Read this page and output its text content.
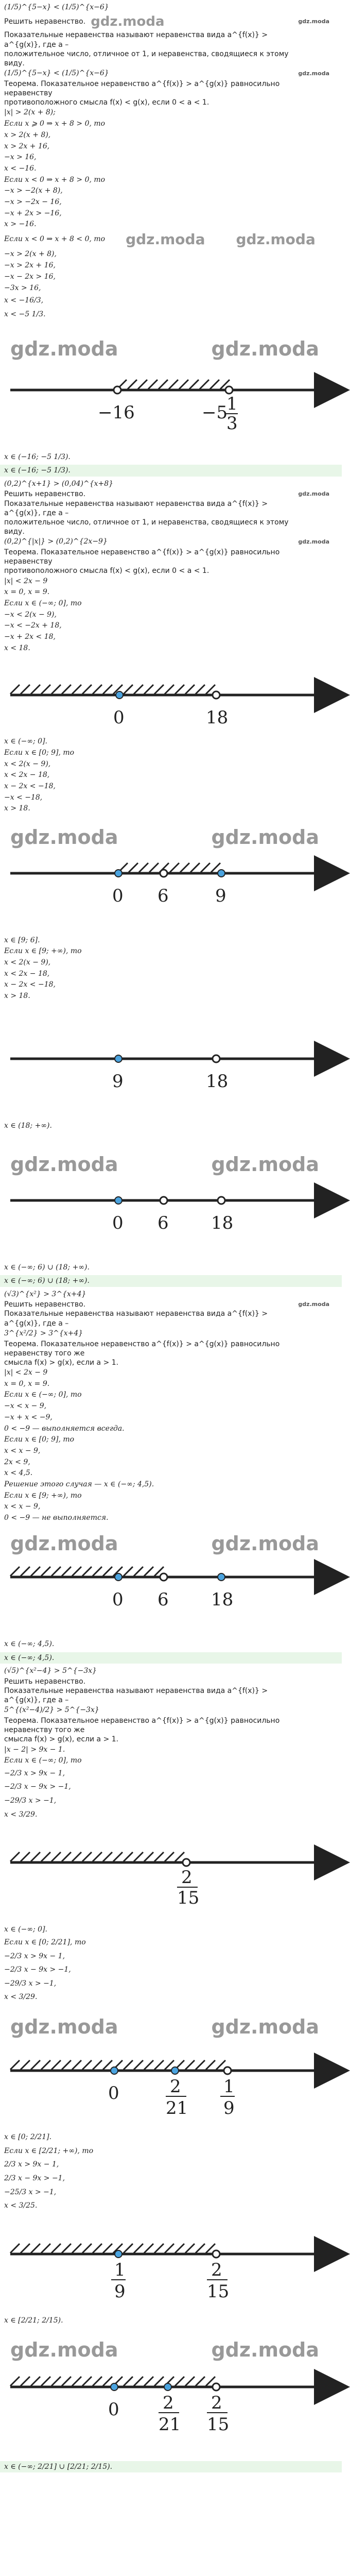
(1/5)^{5−x} < (1/5)^{x−6}
Решить неравенство. gdz.moda	gdz.moda
Показательные неравенства называют неравенства вида a^{f(x)} > a^{g(x)}, где a –
положительное число, отличное от 1, и неравенства, сводящиеся к этому виду.
(1/5)^{5−x} < (1/5)^{x−6}	gdz.moda
Теорема. Показательное неравенство a^{f(x)} > a^{g(x)} равносильно неравенству
противоположного смысла f(x) < g(x), если 0 < a < 1.
|x| > 2(x + 8);
Если x ⩾ 0 ⇒ x + 8 > 0, то
x > 2(x + 8),
x > 2x + 16,
−x > 16,
x < −16.
Если x < 0 ⇒ x + 8 > 0, то
−x > −2(x + 8),
−x > −2x − 16,
−x + 2x > −16,
x > −16.
Если x < 0 ⇒ x + 8 < 0, то gdz.moda gdz.moda
−x > 2(x + 8),
−x > 2x + 16,
−x − 2x > 16,
−3x > 16,
x < −16/3,
x < −5 1/3.
gdz.moda	gdz.moda
−16	−5
1
3
x ∈ (−16; −5 1/3).
x ∈ (−16; −5 1/3).
(0,2)^{x+1} > (0,04)^{x+8}
Решить неравенство.	gdz.moda
Показательные неравенства называют неравенства вида a^{f(x)} > a^{g(x)}, где a –
положительное число, отличное от 1, и неравенства, сводящиеся к этому виду.
(0,2)^{|x|} > (0,2)^{2x−9}	gdz.moda
Теорема. Показательное неравенство a^{f(x)} > a^{g(x)} равносильно неравенству
противоположного смысла f(x) < g(x), если 0 < a < 1.
|x| < 2x − 9
x = 0, x = 9.
Если x ∈ (−∞; 0], то
−x < 2(x − 9),
−x < −2x + 18,
−x + 2x < 18,
x < 18.
0	18
x ∈ (−∞; 0].
Если x ∈ [0; 9], то
x < 2(x − 9),
x < 2x − 18,
x − 2x < −18,
−x < −18,
x > 18.
gdz.moda	gdz.moda
0 6	9
x ∈ [9; 6].
Если x ∈ [9; +∞), то
x < 2(x − 9),
x < 2x − 18,
x − 2x < −18,
x > 18.
9	18
x ∈ (18; +∞).
gdz.moda	gdz.moda
0 6 18
x ∈ (−∞; 6) ∪ (18; +∞).
x ∈ (−∞; 6) ∪ (18; +∞).
(√3)^{x²} > 3^{x+4}
Решить неравенство.	gdz.moda
Показательные неравенства называют неравенства вида a^{f(x)} > a^{g(x)}, где a –
3^{x²/2} > 3^{x+4}
Теорема. Показательное неравенство a^{f(x)} > a^{g(x)} равносильно неравенству того же
смысла f(x) > g(x), если a > 1.
|x| < 2x − 9
x = 0, x = 9.
Если x ∈ (−∞; 0], то
−x < x − 9,
−x + x < −9,
0 < −9 — выполняется всегда.
Если x ∈ [0; 9], то
x < x − 9,
2x < 9,
x < 4,5.
Решение этого случая — x ∈ (−∞; 4,5).
Если x ∈ [9; +∞), то
x < x − 9,
0 < −9 — не выполняется.
gdz.moda	gdz.moda
0 6 18
x ∈ (−∞; 4,5).
x ∈ (−∞; 4,5).
(√5)^{x²−4} > 5^{−3x}
Решить неравенство.
Показательные неравенства называют неравенства вида a^{f(x)} > a^{g(x)}, где a –
5^{(x²−4)/2} > 5^{−3x}
Теорема. Показательное неравенство a^{f(x)} > a^{g(x)} равносильно неравенству того же
смысла f(x) > g(x), если a > 1.
|x − 2| > 9x − 1.
Если x ∈ (−∞; 0], то
−2/3 x > 9x − 1,
−2/3 x − 9x > −1,
−29/3 x > −1,
x < 3/29.
2
15
x ∈ (−∞; 0].
Если x ∈ [0; 2/21], то
−2/3 x > 9x − 1,
−2/3 x − 9x > −1,
−29/3 x > −1,
x < 3/29.
gdz.moda	gdz.moda
0	2
21
1
9
x ∈ [0; 2/21].
Если x ∈ [2/21; +∞), то
2/3 x > 9x − 1,
2/3 x − 9x > −1,
−25/3 x > −1,
x < 3/25.
1
9
2
15
x ∈ [2/21; 2/15).
gdz.moda	gdz.moda
0 2
21
2
15
x ∈ (−∞; 2/21] ∪ [2/21; 2/15).
